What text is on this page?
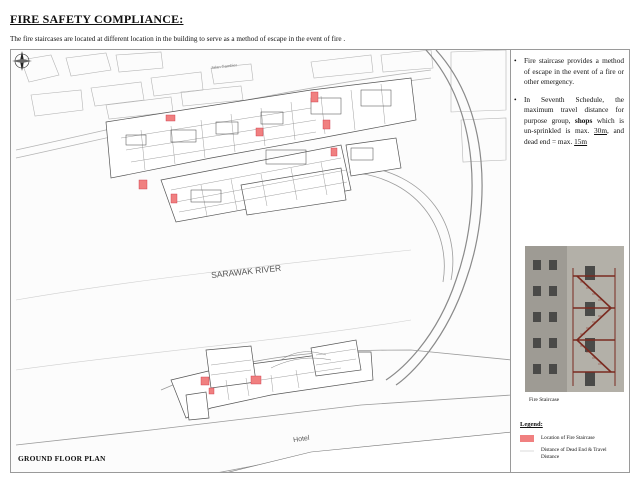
FIRE SAFETY COMPLIANCE:
The fire staircases are located at different location in the building to serve as a method of escape in the event of fire .
SARAWAK RIVER
Jalan Gambier
Hotel
GROUND FLOOR PLAN
•	Fire staircase provides a method of escape in the event of a fire or other emergency.
•	In Seventh Schedule, the maximum travel distance for purpose group, shops which is un-sprinkled is max. 30m, and dead end = max. 15m
Fire Staircase
Legend:
Location of Fire Staircase
Distance of Dead End & Travel Distance
